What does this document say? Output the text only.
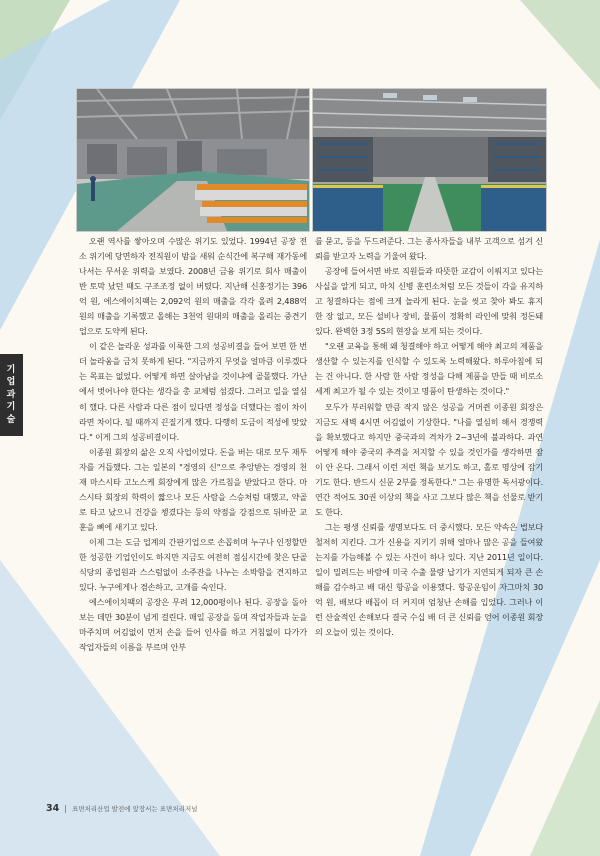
오랜 역사를 쌓아오며 수많은 위기도 있었다. 1994년 공장 전소 위기에 당면하자 전직원이 밤을 새워 순식간에 복구해 재가동에 나서는 무서운 위력을 보였다. 2008년 금융 위기로 회사 매출이 반 토막 났던 때도 구조조정 없이 버텼다. 지난해 신홍정기는 396억 원, 에스에이치팩는 2,092억 원의 매출을 각각 올려 2,488억 원의 매출을 기록했고 올해는 3천억 원대의 매출을 올리는 중견기업으로 도약케 된다.

이 같은 놀라운 성과를 이룩한 그의 성공비결을 들어 보면 한 번 더 놀라움을 금치 못하게 된다. "지금까지 무엇을 얼마큼 이루겠다는 목표는 없었다. 어떻게 하면 살아남을 것이냐에 골몰했다. 가난에서 벗어나야 한다는 생각을 총 교체럼 섬겼다. 그러고 일을 열심히 했다. 다른 사람과 다른 점이 있다면 정성을 더했다는 점이 차이라면 차이다. 될 때까지 끈질기게 했다. 다행히 도금이 적성에 맞았다." 이게 그의 성공비결이다.

이종원 회장의 삶은 오직 사업이었다. 돈을 버는 대로 모두 재투자를 거듭했다. 그는 일본의 "경영의 신"으로 추앙받는 경영의 천재 마스시타 고노스케 회장에게 많은 가르침을 받았다고 한다. 마스시타 회장의 학력이 짧으나 모든 사람을 스승처럼 대했고, 약골로 타고 났으니 건강을 챙겼다는 등의 약점을 강점으로 뒤바꾼 교훈을 뼈에 새기고 있다.

이제 그는 도금 업계의 간판기업으로 손꼽히며 누구나 인정할만한 성공한 기업인이도 하지만 지금도 여전히 점심시간에 찾은 단골 식당의 종업원과 스스럼없이 소주잔을 나누는 소박함을 견지하고 있다. 누구에게나 겸손하고, 고개를 숙인다.

에스에이치팩의 공장은 무려 12,000평이나 된다. 공장을 돌아보는 데만 30분이 넘게 걸린다. 매일 공장을 돌며 작업자들과 눈을 마주치며 어김없이 먼저 손을 들어 인사를 하고 거침없이 다가가 작업자들의 이름을 부르며 안부

를 묻고, 등을 두드려준다. 그는 종사자들을 내부 고객으로 섬겨 신뢰를 받고자 노력을 기울여 왔다.

공장에 들어서면 바로 직원들과 따뜻한 교감이 이뤄지고 있다는 사실을 알게 되고, 마치 신병 훈련소처럼 모든 것들이 각을 유지하고 청결하다는 점에 크게 놀라게 된다. 눈을 씻고 찾아 봐도 휴지 한 장 없고, 모든 설비나 장비, 물품이 정확히 라인에 맞춰 정돈돼 있다. 완벽한 3정 5S의 현장을 보게 되는 것이다.

"오랜 교육을 통해 왜 청결해야 하고 어떻게 해야 최고의 제품을 생산할 수 있는지를 인식할 수 있도록 노력해왔다. 하루아침에 되는 건 아니다. 한 사람 한 사람 정성을 다해 제품을 만들 때 비로소 세계 최고가 될 수 있는 것이고 명품이 탄생하는 것이다."

모두가 부러워할 만큼 작지 않은 성공을 거머쥔 이종원 회장은 지금도 새벽 4시면 어김없이 기상한다. "나를 열심히 해서 경쟁력을 확보했다고 하지만 중국과의 격차가 2~3년에 불과하다. 과연 어떻게 해야 중국의 추격을 저지할 수 있을 것인가를 생각하면 잠이 안 온다. 그래서 이런 저런 책을 보기도 하고, 홀로 명상에 잠기기도 한다. 반드시 신문 2부를 정독한다." 그는 유명한 독서광이다. 연간 적어도 30권 이상의 책을 사고 그보다 많은 책을 선물로 받기도 한다.

그는 평생 신뢰를 생명보다도 더 중시했다. 모든 약속은 법보다 철저히 지킨다. 그가 신용을 지키기 위해 얼마나 많은 공을 들여왔는지를 가늠해볼 수 있는 사건이 하나 있다. 지난 2011년 일이다. 일이 밀려드는 바람에 미국 수출 물량 납기가 지연되게 되자 큰 손해를 감수하고 배 대신 항공을 이용했다. 항공운임이 자그마치 30억 원, 배보다 배꼽이 더 커지며 엄청난 손해를 입었다. 그러나 이런 산술적인 손해보다 결국 수십 배 더 큰 신뢰를 얻어 이종원 회장의 오늘이 있는 것이다.

기업과 기술
34 | 표면처리산업 발전에 앞장서는 표면처리저널
